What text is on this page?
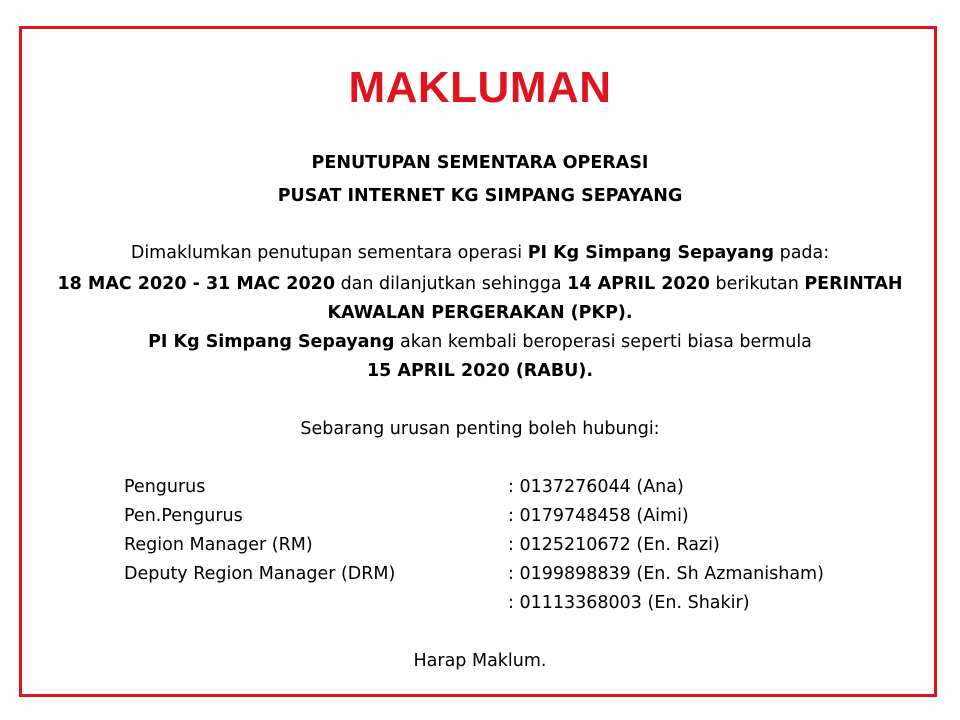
MAKLUMAN
PENUTUPAN SEMENTARA OPERASI
PUSAT INTERNET KG SIMPANG SEPAYANG
Dimaklumkan penutupan sementara operasi PI Kg Simpang Sepayang pada:
18 MAC 2020 - 31 MAC 2020 dan dilanjutkan sehingga 14 APRIL 2020 berikutan PERINTAH
KAWALAN PERGERAKAN (PKP).
PI Kg Simpang Sepayang akan kembali beroperasi seperti biasa bermula
15 APRIL 2020 (RABU).
Sebarang urusan penting boleh hubungi:
Pengurus	: 0137276044 (Ana)
Pen.Pengurus	: 0179748458 (Aimi)
Region Manager (RM)	: 0125210672 (En. Razi)
Deputy Region Manager (DRM)	: 0199898839 (En. Sh Azmanisham)
: 01113368003 (En. Shakir)
Harap Maklum.
